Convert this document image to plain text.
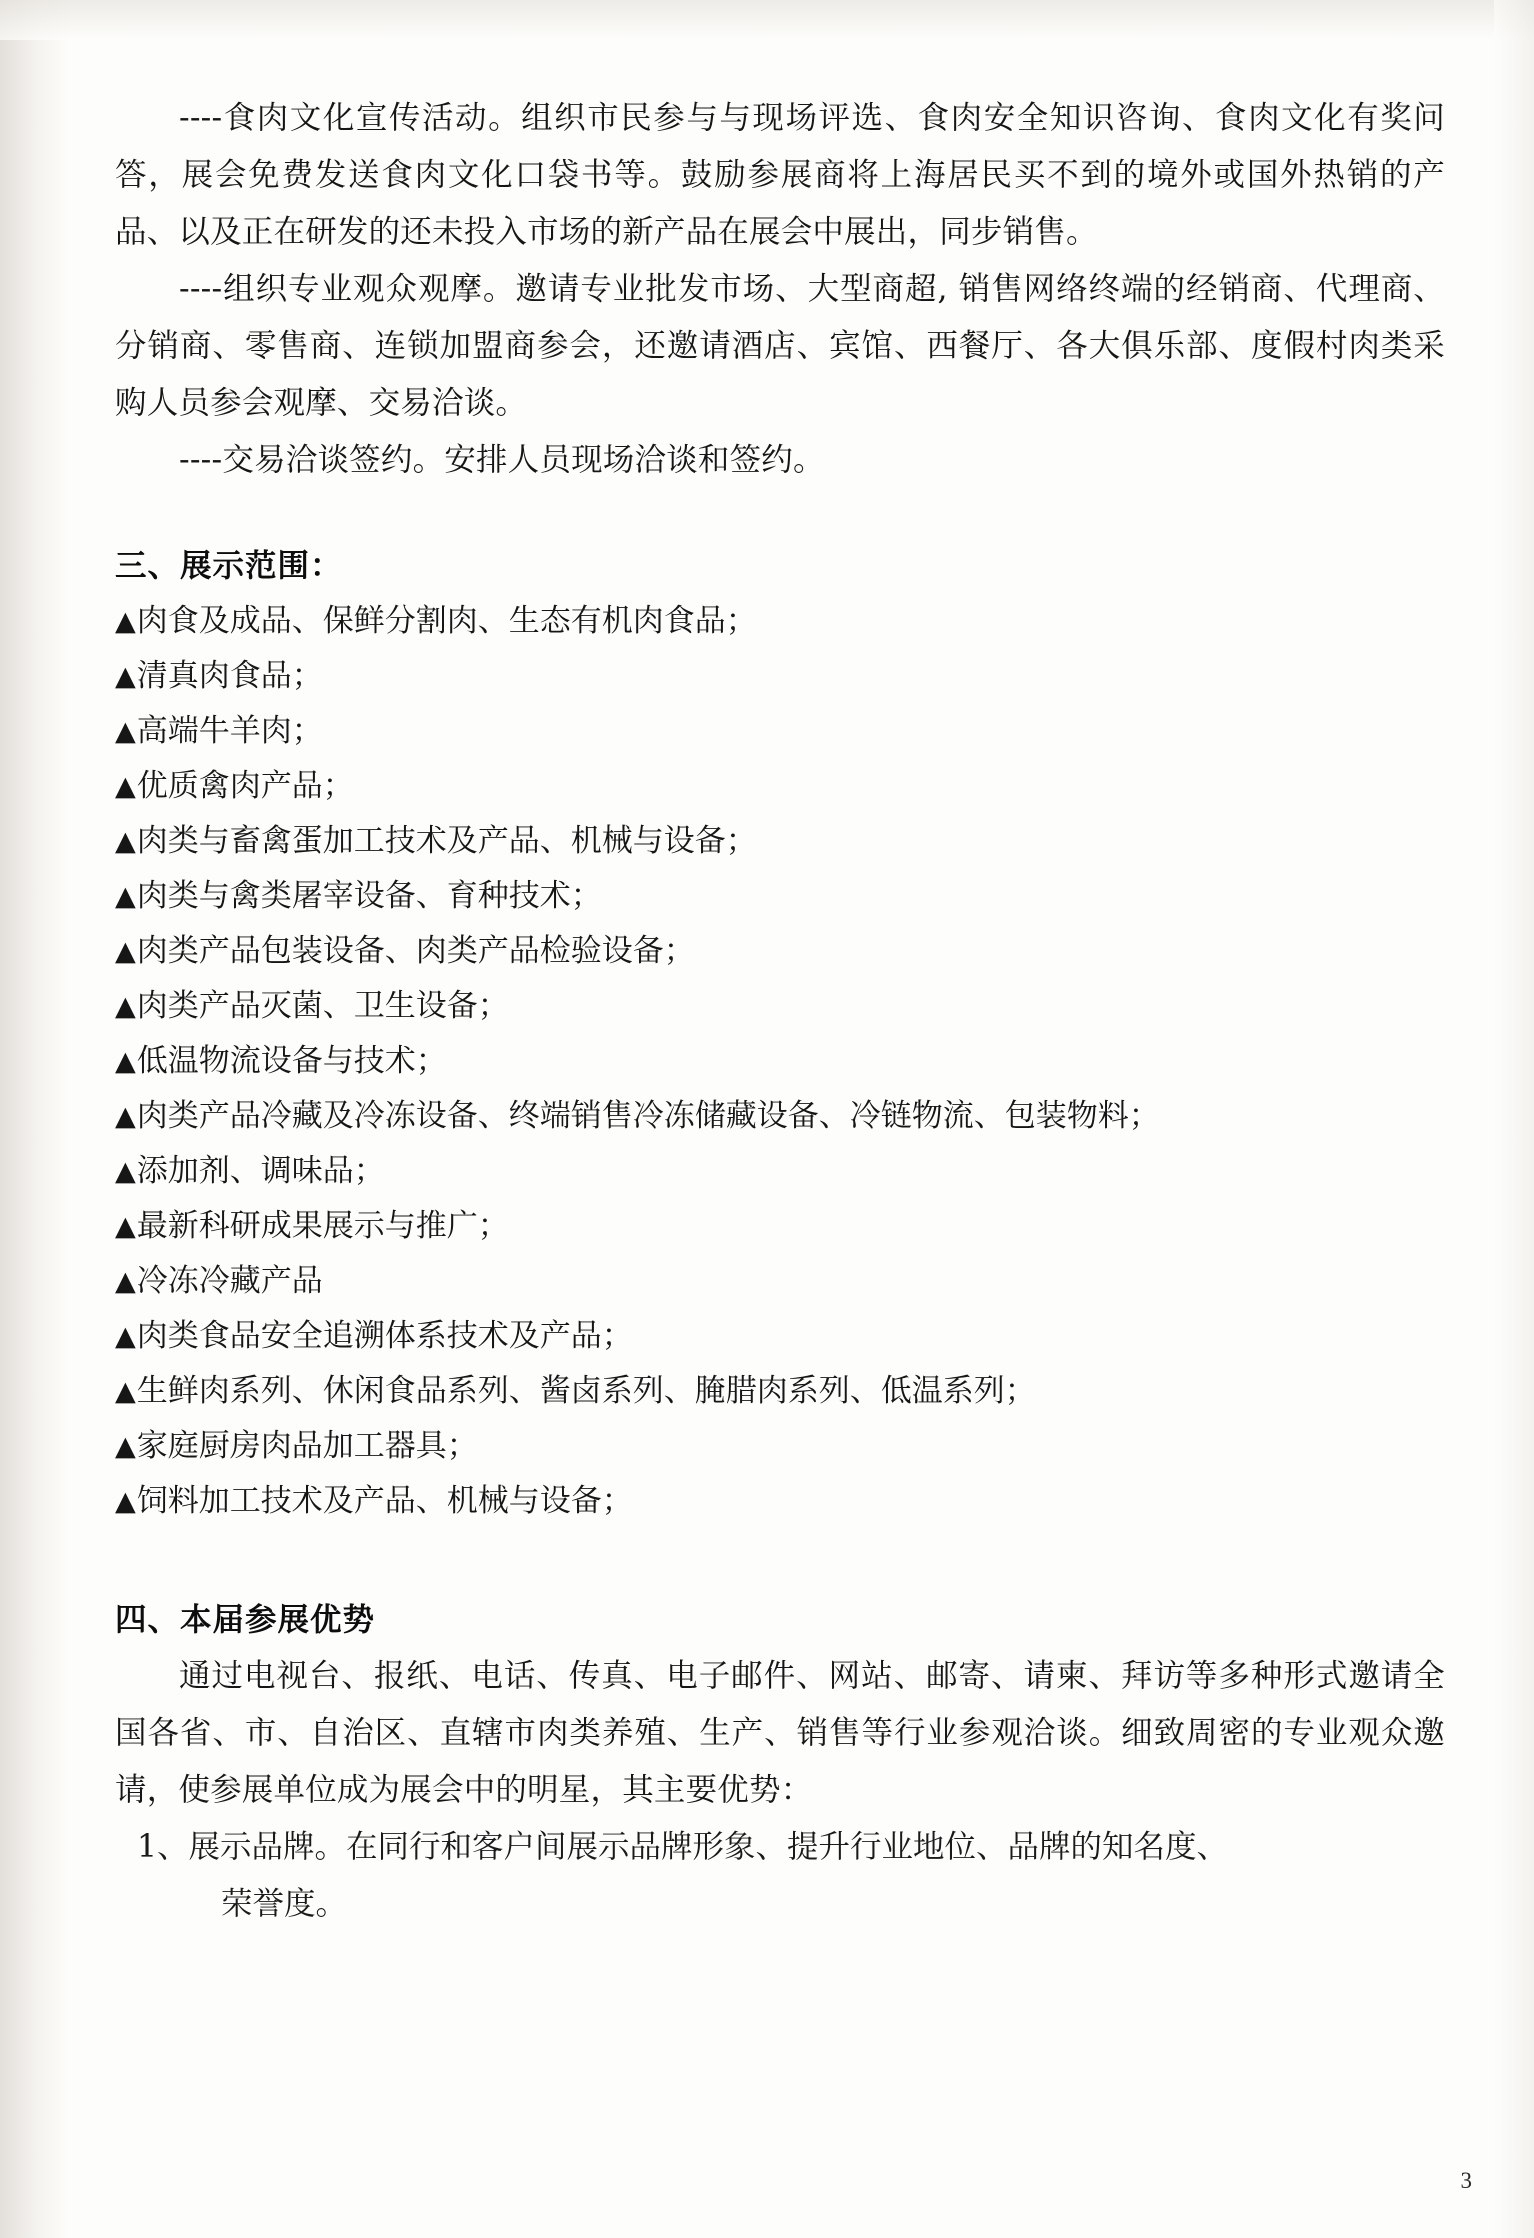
----食肉文化宣传活动。组织市民参与与现场评选、食肉安全知识咨询、食肉文化有奖问答，展会免费发送食肉文化口袋书等。鼓励参展商将上海居民买不到的境外或国外热销的产品、以及正在研发的还未投入市场的新产品在展会中展出，同步销售。

----组织专业观众观摩。邀请专业批发市场、大型商超, 销售网络终端的经销商、代理商、分销商、零售商、连锁加盟商参会，还邀请酒店、宾馆、西餐厅、各大俱乐部、度假村肉类采购人员参会观摩、交易洽谈。

----交易洽谈签约。安排人员现场洽谈和签约。

三、展示范围：
▲肉食及成品、保鲜分割肉、生态有机肉食品；
▲清真肉食品；
▲高端牛羊肉；
▲优质禽肉产品；
▲肉类与畜禽蛋加工技术及产品、机械与设备；
▲肉类与禽类屠宰设备、育种技术；
▲肉类产品包装设备、肉类产品检验设备；
▲肉类产品灭菌、卫生设备；
▲低温物流设备与技术；
▲肉类产品冷藏及冷冻设备、终端销售冷冻储藏设备、冷链物流、包装物料；
▲添加剂、调味品；
▲最新科研成果展示与推广；
▲冷冻冷藏产品
▲肉类食品安全追溯体系技术及产品；
▲生鲜肉系列、休闲食品系列、酱卤系列、腌腊肉系列、低温系列；
▲家庭厨房肉品加工器具；
▲饲料加工技术及产品、机械与设备；
四、本届参展优势

通过电视台、报纸、电话、传真、电子邮件、网站、邮寄、请柬、拜访等多种形式邀请全国各省、市、自治区、直辖市肉类养殖、生产、销售等行业参观洽谈。细致周密的专业观众邀请，使参展单位成为展会中的明星，其主要优势：

1、展示品牌。在同行和客户间展示品牌形象、提升行业地位、品牌的知名度、
荣誉度。
3
